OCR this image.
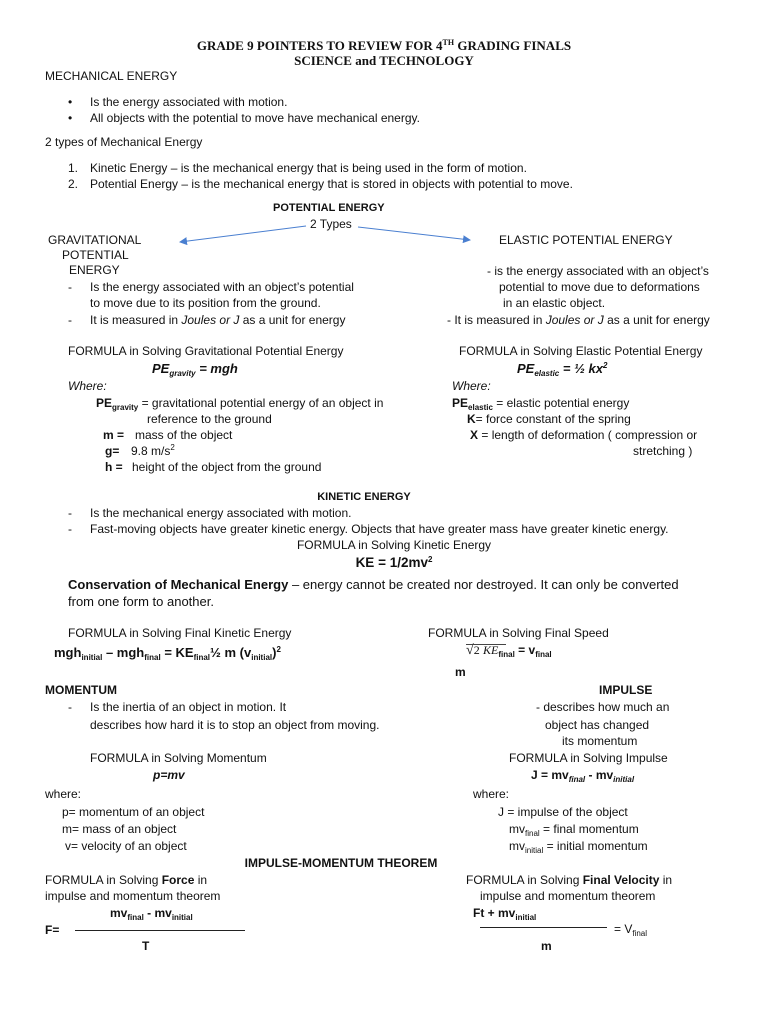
GRADE 9 POINTERS TO REVIEW FOR 4TH GRADING FINALS
SCIENCE and TECHNOLOGY
MECHANICAL ENERGY
• Is the energy associated with motion.
• All objects with the potential to move have mechanical energy.
2 types of Mechanical Energy
1. Kinetic Energy – is the mechanical energy that is being used in the form of motion.
2. Potential Energy – is the mechanical energy that is stored in objects with potential to move.
POTENTIAL ENERGY
2 Types
GRAVITATIONAL
POTENTIAL
ENERGY
- Is the energy associated with an object’s potential
to move due to its position from the ground.
- It is measured in Joules or J as a unit for energy
ELASTIC POTENTIAL ENERGY
- is the energy associated with an object’s
potential to move due to deformations
in an elastic object.
- It is measured in Joules or J as a unit for energy
FORMULA in Solving Gravitational Potential Energy
$PE_{gravity}$ = mgh
Where:
$PE_{gravity}$ = gravitational potential energy of an object in
reference to the ground
m = mass of the object
g= 9.8 $m/s^2$
h = height of the object from the ground
FORMULA in Solving Elastic Potential Energy
$PE_{elastic}$ = ½ $kx^2$
Where:
$PE_{elastic}$ = elastic potential energy
K= force constant of the spring
X = length of deformation ( compression or
stretching )
KINETIC ENERGY
- Is the mechanical energy associated with motion.
- Fast-moving objects have greater kinetic energy. Objects that have greater mass have greater kinetic energy.
FORMULA in Solving Kinetic Energy
KE = $1/2mv^2$
Conservation of Mechanical Energy – energy cannot be created nor destroyed. It can only be converted
from one form to another.
FORMULA in Solving Final Kinetic Energy
$mgh_{initial} - mgh_{final} = KE_{final}\frac{1}{2}$ m $(v_{initial})^2$
FORMULA in Solving Final Speed
√2 $KE_{final} = v_{final}$
m
MOMENTUM
- Is the inertia of an object in motion. It
describes how hard it is to stop an object from moving.
FORMULA in Solving Momentum
p=mv
where:
p= momentum of an object
m= mass of an object
v= velocity of an object
IMPULSE
- describes how much an
object has changed
its momentum
FORMULA in Solving Impulse
$J = mv_{final} - mv_{initial}$
where:
J = impulse of the object
$mv_{final}$ = final momentum
$mv_{initial}$ = initial momentum
IMPULSE-MOMENTUM THEOREM
FORMULA in Solving Force in
impulse and momentum theorem
$mv_{final} - mv_{initial}$
F=
T
FORMULA in Solving Final Velocity in
impulse and momentum theorem
$Ft + mv_{initial}$
= $V_{final}$
m
